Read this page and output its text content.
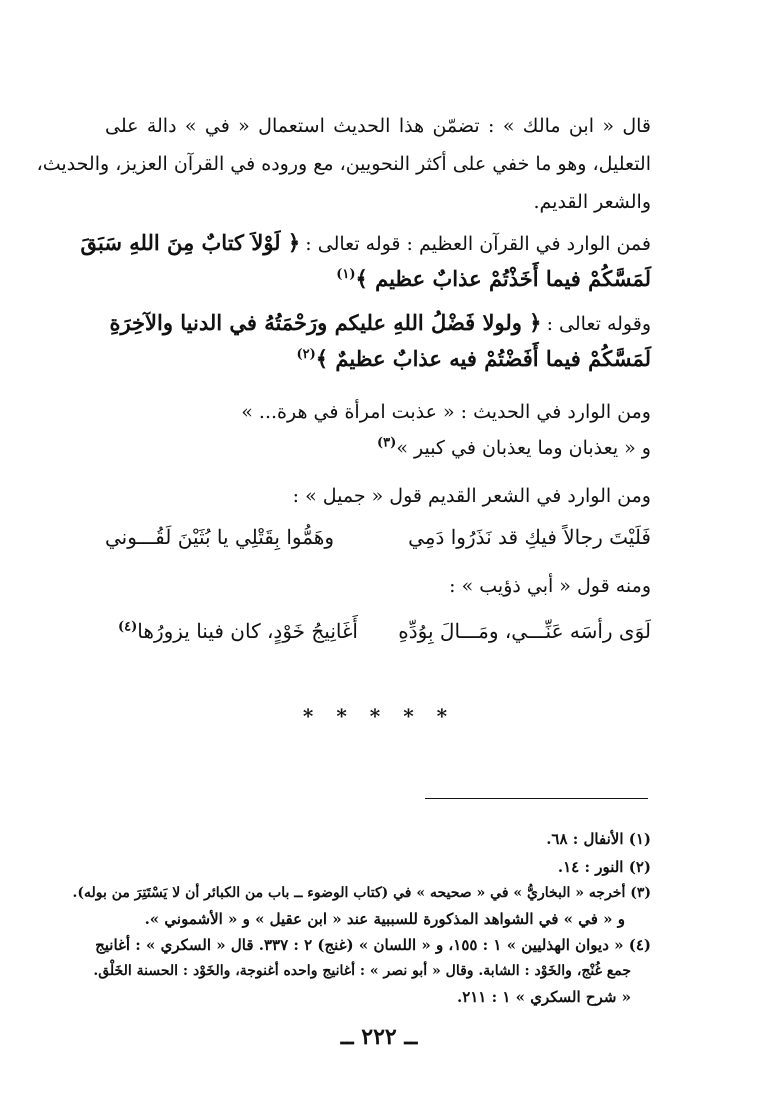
قال « ابن مالك » : تضمّن هذا الحديث استعمال « في » دالة على
التعليل، وهو ما خفي على أكثر النحويين، مع وروده في القرآن العزيز، والحديث،
والشعر القديم.
فمن الوارد في القرآن العظيم : قوله تعالى : ﴿ لَوْلاَ كتابٌ مِنَ اللهِ سَبَقَ
لَمَسَّكُمْ فيما أَخَذْتُمْ عذابٌ عظيم ﴾$^{(١)}$
وقوله تعالى : ﴿ ولولا فَضْلُ اللهِ عليكم ورَحْمَتُهُ في الدنيا والآخِرَةِ
لَمَسَّكُمْ فيما أَفَضْتُمْ فيه عذابٌ عظيمٌ ﴾$^{(٢)}$
ومن الوارد في الحديث : « عذبت امرأة في هرة... »
و « يعذبان وما يعذبان في كبير »$^{(٣)}$
ومن الوارد في الشعر القديم قول « جميل » :
فَلَيْتَ رجالاً فيكِ قد نَذَرُوا دَمِي
وهَمُّوا بِقَتْلِي يا بُثَيْنَ لَقُـــوني
ومنه قول « أبي ذؤيب » :
لَوَى رأسَه عَنِّـــي، ومَـــالَ بِوُدِّهِ
أَغَانِيجُ خَوْدٍ، كان فينا يزورُها$^{(٤)}$
* * * * *
(١) الأنفال : ٦٨.
(٢) النور : ١٤.
(٣) أخرجه « البخاريُّ » في « صحيحه » في (كتاب الوضوء ــ باب من الكبائر أن لا يَسْتَتِرَ من بوله).
و « في » في الشواهد المذكورة للسببية عند « ابن عقيل » و « الأشموني ».
(٤) « ديوان الهذليين » ١ : ١٥٥، و « اللسان » (غنج) ٢ : ٣٣٧. قال « السكري » : أغانيج
جمع غُنْج، والخَوْد : الشابة. وقال « أبو نصر » : أغانيج واحده أغنوجة، والخَوْد : الحسنة الخَلْق.
« شرح السكري » ١ : ٢١١.
ــ ٢٢٢ ــ
